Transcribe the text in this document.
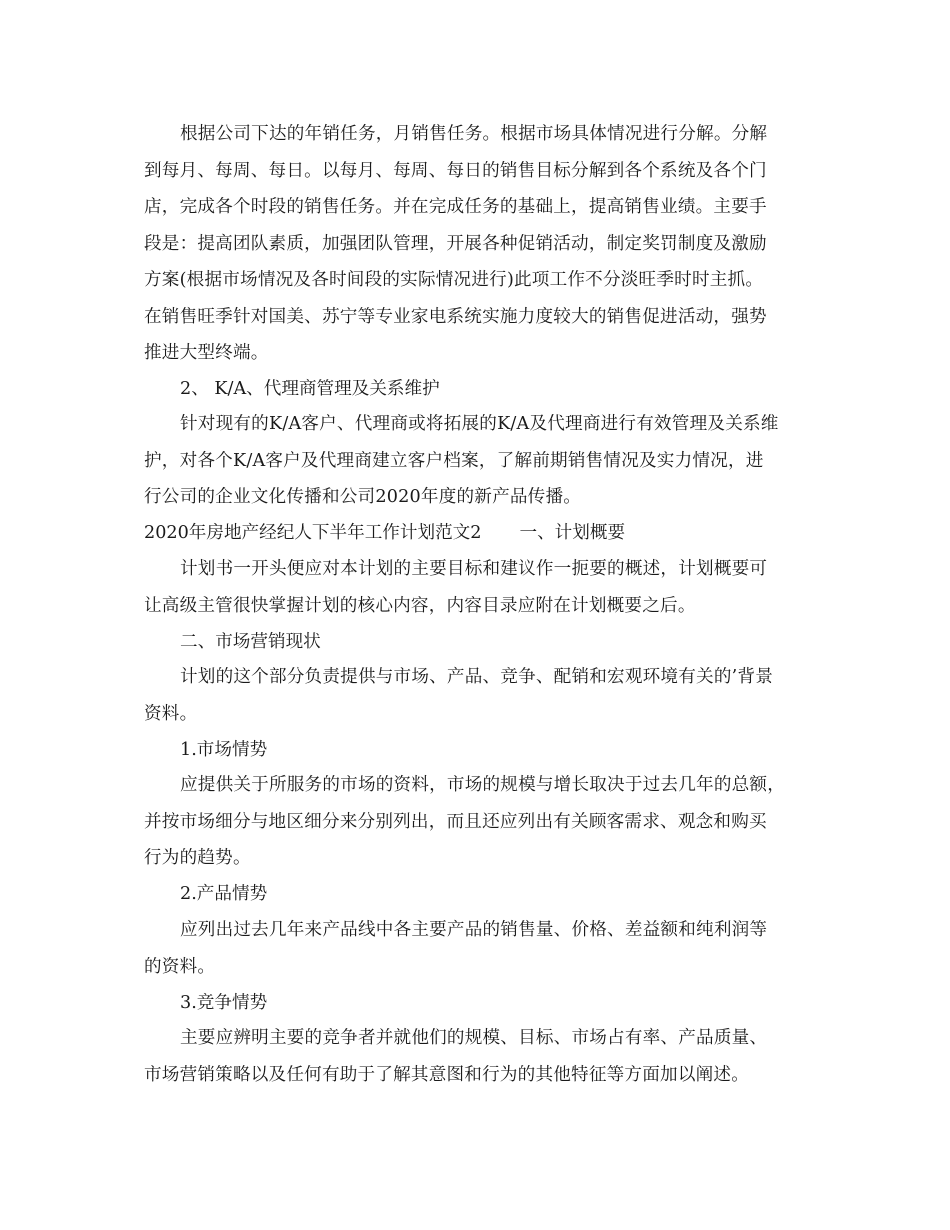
根据公司下达的年销任务，月销售任务。根据市场具体情况进行分解。分解
到每月、每周、每日。以每月、每周、每日的销售目标分解到各个系统及各个门
店，完成各个时段的销售任务。并在完成任务的基础上，提高销售业绩。主要手
段是：提高团队素质，加强团队管理，开展各种促销活动，制定奖罚制度及激励
方案(根据市场情况及各时间段的实际情况进行)此项工作不分淡旺季时时主抓。
在销售旺季针对国美、苏宁等专业家电系统实施力度较大的销售促进活动，强势
推进大型终端。

2、 K/A、代理商管理及关系维护

针对现有的K/A客户、代理商或将拓展的K/A及代理商进行有效管理及关系维
护，对各个K/A客户及代理商建立客户档案，了解前期销售情况及实力情况，进
行公司的企业文化传播和公司2020年度的新产品传播。

2020年房地产经纪人下半年工作计划范文2 一、计划概要

计划书一开头便应对本计划的主要目标和建议作一扼要的概述，计划概要可
让高级主管很快掌握计划的核心内容，内容目录应附在计划概要之后。

二、市场营销现状

计划的这个部分负责提供与市场、产品、竞争、配销和宏观环境有关的’背景
资料。

1.市场情势

应提供关于所服务的市场的资料，市场的规模与增长取决于过去几年的总额，
并按市场细分与地区细分来分别列出，而且还应列出有关顾客需求、观念和购买
行为的趋势。

2.产品情势

应列出过去几年来产品线中各主要产品的销售量、价格、差益额和纯利润等
的资料。

3.竞争情势

主要应辨明主要的竞争者并就他们的规模、目标、市场占有率、产品质量、
市场营销策略以及任何有助于了解其意图和行为的其他特征等方面加以阐述。
